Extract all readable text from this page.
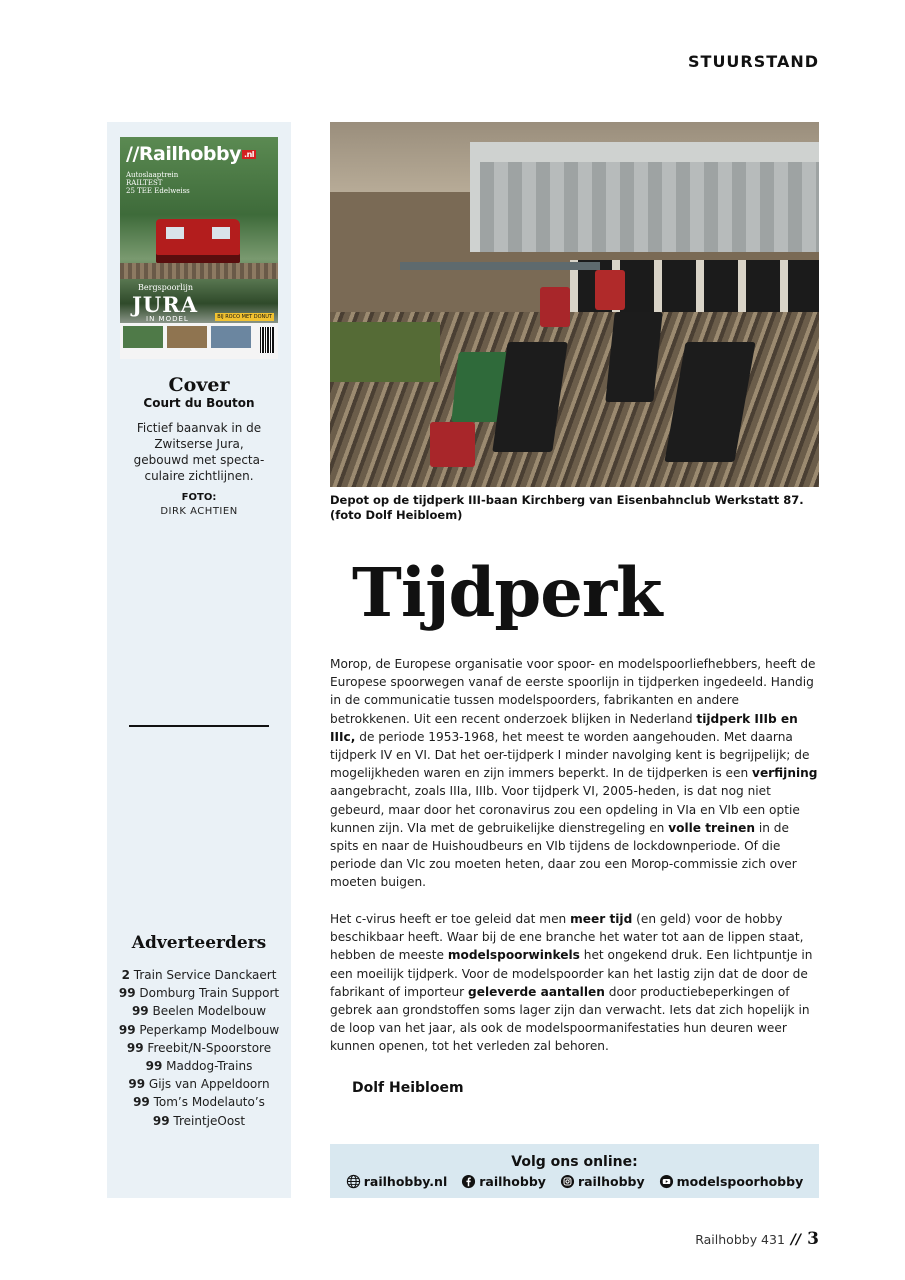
STUURSTAND
//Railhobby .nl
Autoslaaptrein
RAILTEST
25 TEE Edelweiss
Bergspoorlijn
JURA
IN MODEL	BIJ ROCO MET DONUT
Cover
Court du Bouton
Fictief baanvak in de Zwitserse Jura, gebouwd met specta-culaire zichtlijnen.
FOTO:
DIRK ACHTIEN
Adverteerders
2 Train Service Danckaert
99 Domburg Train Support
99 Beelen Modelbouw
99 Peperkamp Modelbouw
99 Freebit/N-Spoorstore
99 Maddog-Trains
99 Gijs van Appeldoorn
99 Tom’s Modelauto’s
99 TreintjeOost
Depot op de tijdperk III-baan Kirchberg van Eisenbahnclub Werkstatt 87. (foto Dolf Heibloem)
Tijdperk

Morop, de Europese organisatie voor spoor- en modelspoorliefhebbers, heeft de Europese spoorwegen vanaf de eerste spoorlijn in tijdperken ingedeeld. Handig in de communicatie tussen modelspoorders, fabrikanten en andere betrokkenen. Uit een recent onderzoek blijken in Nederland tijdperk IIIb en IIIc, de periode 1953-1968, het meest te worden aangehouden. Met daarna tijdperk IV en VI. Dat het oer-tijdperk I minder navolging kent is begrijpelijk; de mogelijkheden waren en zijn immers beperkt. In de tijdperken is een verfijning aangebracht, zoals IIIa, IIIb. Voor tijdperk VI, 2005-heden, is dat nog niet gebeurd, maar door het coronavirus zou een opdeling in VIa en VIb een optie kunnen zijn. VIa met de gebruikelijke dienstregeling en volle treinen in de spits en naar de Huishoudbeurs en VIb tijdens de lockdownperiode. Of die periode dan VIc zou moeten heten, daar zou een Morop-commissie zich over moeten buigen.

Het c-virus heeft er toe geleid dat men meer tijd (en geld) voor de hobby beschikbaar heeft. Waar bij de ene branche het water tot aan de lippen staat, hebben de meeste modelspoorwinkels het ongekend druk. Een lichtpuntje in een moeilijk tijdperk. Voor de modelspoorder kan het lastig zijn dat de door de fabrikant of importeur geleverde aantallen door productiebeperkingen of gebrek aan grondstoffen soms lager zijn dan verwacht. Iets dat zich hopelijk in de loop van het jaar, als ook de modelspoormanifestaties hun deuren weer kunnen openen, tot het verleden zal behoren.

Dolf Heibloem
Volg ons online:
railhobby.nl	railhobby	railhobby	modelspoorhobby
Railhobby 431 // 3
